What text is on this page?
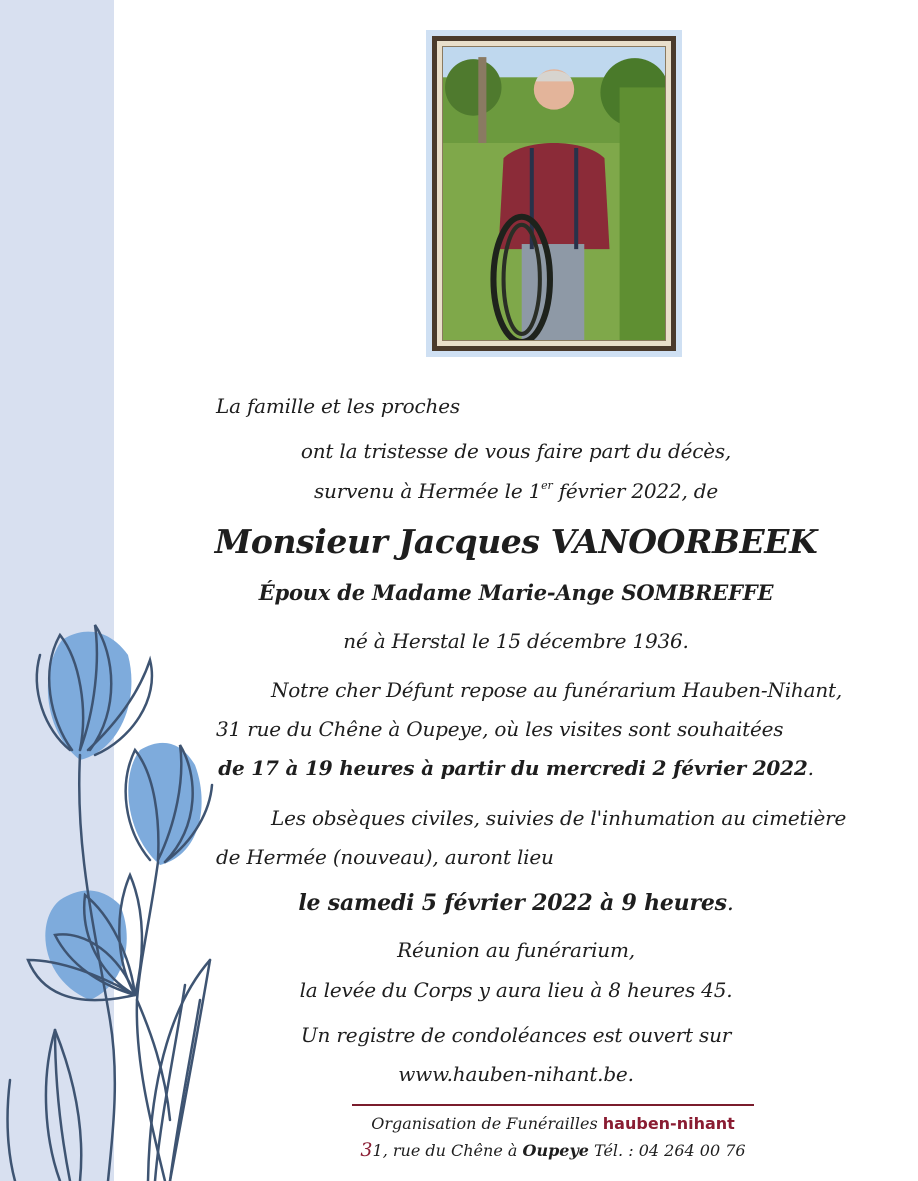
La famille et les proches
ont la tristesse de vous faire part du décès,
survenu à Hermée le 1er février 2022, de
Monsieur Jacques VANOORBEEK
Époux de Madame Marie-Ange SOMBREFFE
né à Herstal le 15 décembre 1936.
Notre cher Défunt repose au funérarium Hauben-Nihant,
31 rue du Chêne à Oupeye, où les visites sont souhaitées
de 17 à 19 heures à partir du mercredi 2 février 2022.
Les obsèques civiles, suivies de l'inhumation au cimetière
de Hermée (nouveau), auront lieu
le samedi 5 février 2022 à 9 heures.
Réunion au funérarium,
la levée du Corps y aura lieu à 8 heures 45.
Un registre de condoléances est ouvert sur
www.hauben-nihant.be.
Organisation de Funérailles hauben-nihant
31, rue du Chêne à Oupeye Tél. : 04 264 00 76
